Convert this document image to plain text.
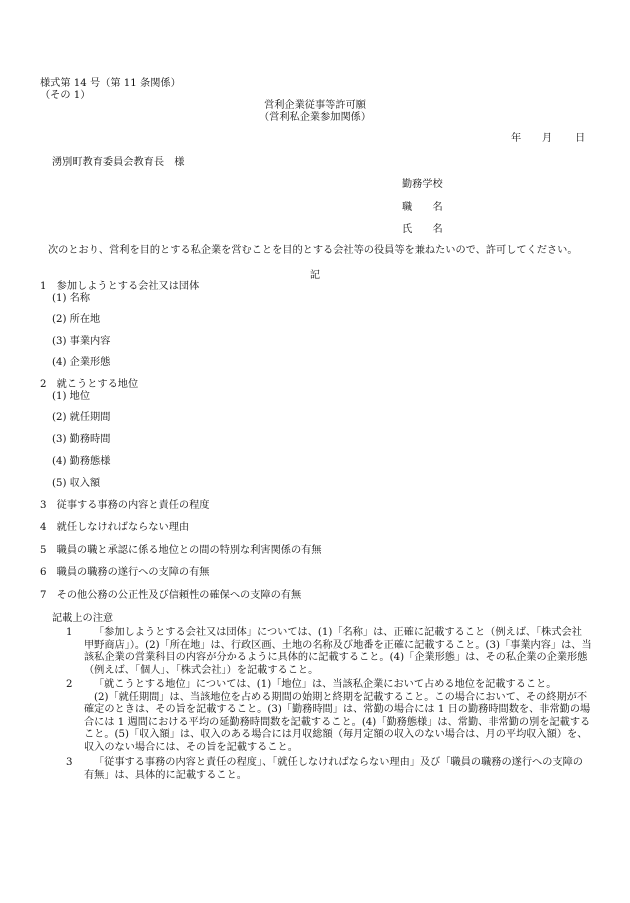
様式第 14 号（第 11 条関係）
（その 1）
営利企業従事等許可願
（営利私企業参加関係）
年 月 日
湧別町教育委員会教育長　様
勤務学校
職　　名
氏　　名
次のとおり、営利を目的とする私企業を営むことを目的とする会社等の役員等を兼ねたいので、許可してください。
記
1　参加しようとする会社又は団体
(1) 名称
(2) 所在地
(3) 事業内容
(4) 企業形態
2　就こうとする地位
(1) 地位
(2) 就任期間
(3) 勤務時間
(4) 勤務態様
(5) 収入額
3　従事する事務の内容と責任の程度
4　就任しなければならない理由
5　職員の職と承認に係る地位との間の特別な利害関係の有無
6　職員の職務の遂行への支障の有無
7　その他公務の公正性及び信頼性の確保への支障の有無
記載上の注意
1	「参加しようとする会社又は団体」については、(1)「名称」は、正確に記載すること（例えば、「株式会社甲野商店」）。(2)「所在地」は、行政区画、土地の名称及び地番を正確に記載すること。(3)「事業内容」は、当該私企業の営業科目の内容が分かるように具体的に記載すること。(4)「企業形態」は、その私企業の企業形態（例えば、「個人」、「株式会社」）を記載すること。
2	「就こうとする地位」については、(1)「地位」は、当該私企業において占める地位を記載すること。
(2)「就任期間」は、当該地位を占める期間の始期と終期を記載すること。この場合において、その終期が不確定のときは、その旨を記載すること。(3)「勤務時間」は、常勤の場合には 1 日の勤務時間数を、非常勤の場合には 1 週間における平均の延勤務時間数を記載すること。(4)「勤務態様」は、常勤、非常勤の別を記載すること。(5)「収入額」は、収入のある場合には月収総額（毎月定額の収入のない場合は、月の平均収入額）を、収入のない場合には、その旨を記載すること。
3	「従事する事務の内容と責任の程度」、「就任しなければならない理由」及び「職員の職務の遂行への支障の有無」は、具体的に記載すること。
